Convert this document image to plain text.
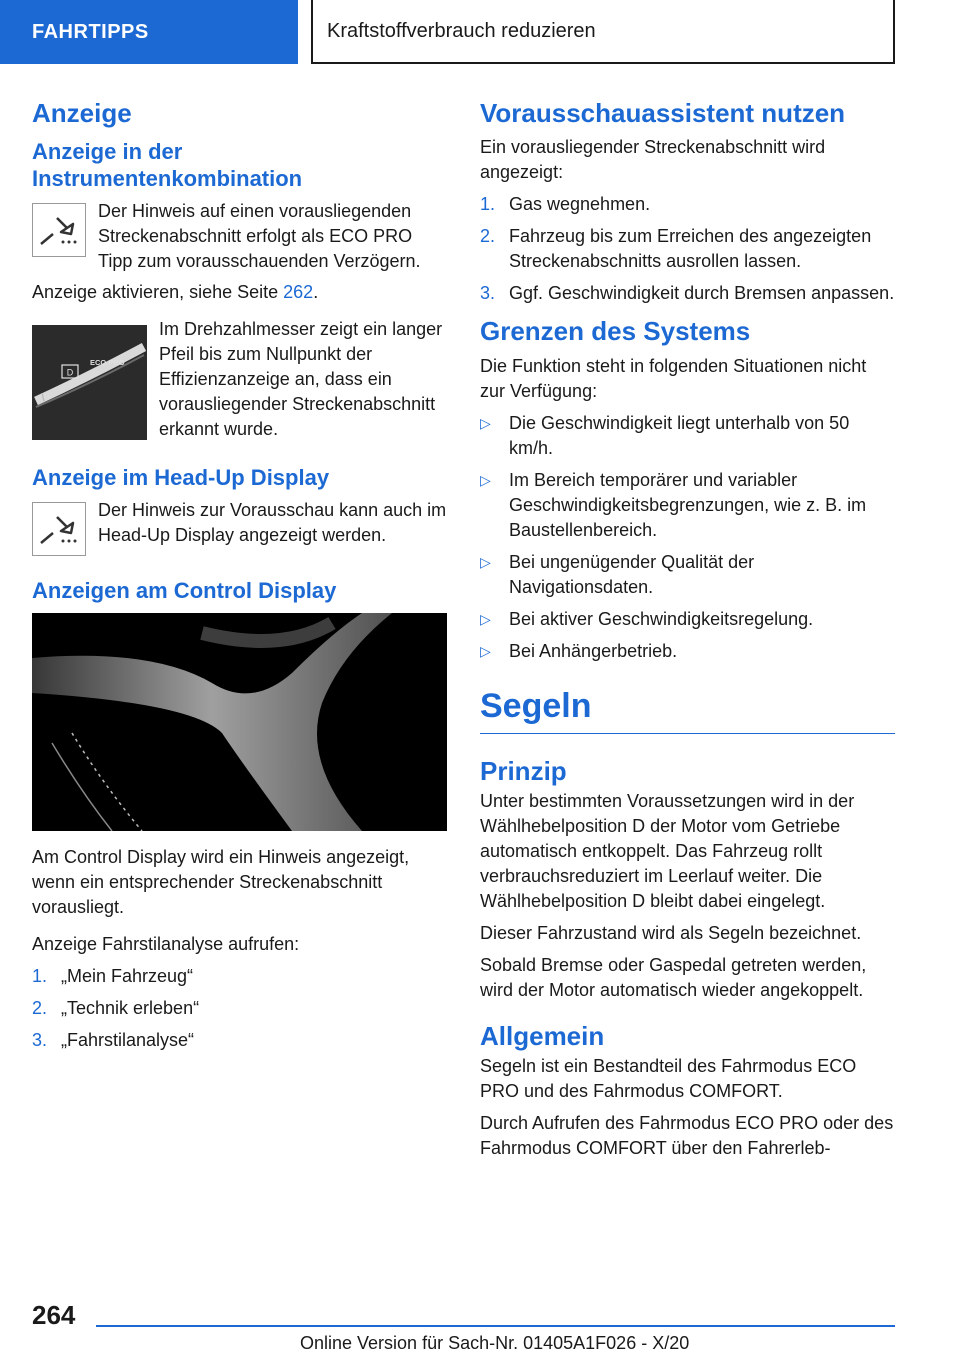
FAHRTIPPS	Kraftstoffverbrauch reduzieren
Anzeige
Anzeige in der Instrumentenkombination

Der Hinweis auf einen vorausliegenden Streckenabschnitt erfolgt als ECO PRO Tipp zum vorausschauenden Verzögern.

Anzeige aktivieren, siehe Seite 262.

D
ECO PRO

Im Drehzahlmesser zeigt ein langer Pfeil bis zum Nullpunkt der Effizienzanzeige an, dass ein vorausliegender Streckenabschnitt erkannt wurde.

Anzeige im Head-Up Display

Der Hinweis zur Vorausschau kann auch im Head-Up Display angezeigt werden.

Anzeigen am Control Display

Am Control Display wird ein Hinweis angezeigt, wenn ein entsprechender Streckenabschnitt vorausliegt.

Anzeige Fahrstilanalyse aufrufen:

1. „Mein Fahrzeug“
2. „Technik erleben“
3. „Fahrstilanalyse“
Vorausschauassistent nutzen

Ein vorausliegender Streckenabschnitt wird angezeigt:

1. Gas wegnehmen.
2. Fahrzeug bis zum Erreichen des angezeigten Streckenabschnitts ausrollen lassen.
3. Ggf. Geschwindigkeit durch Bremsen anpassen.
Grenzen des Systems

Die Funktion steht in folgenden Situationen nicht zur Verfügung:

▷	Die Geschwindigkeit liegt unterhalb von 50 km/h.
▷	Im Bereich temporärer und variabler Geschwindigkeitsbegrenzungen, wie z. B. im Baustellenbereich.
▷	Bei ungenügender Qualität der Navigationsdaten.
▷	Bei aktiver Geschwindigkeitsregelung.
▷	Bei Anhängerbetrieb.
Segeln
Prinzip

Unter bestimmten Voraussetzungen wird in der Wählhebelposition D der Motor vom Getriebe automatisch entkoppelt. Das Fahrzeug rollt verbrauchsreduziert im Leerlauf weiter. Die Wählhebelposition D bleibt dabei eingelegt.

Dieser Fahrzustand wird als Segeln bezeichnet.

Sobald Bremse oder Gaspedal getreten werden, wird der Motor automatisch wieder angekoppelt.

Allgemein

Segeln ist ein Bestandteil des Fahrmodus ECO PRO und des Fahrmodus COMFORT.

Durch Aufrufen des Fahrmodus ECO PRO oder des Fahrmodus COMFORT über den Fahrerleb-

264
Online Version für Sach-Nr. 01405A1F026 - X/20
